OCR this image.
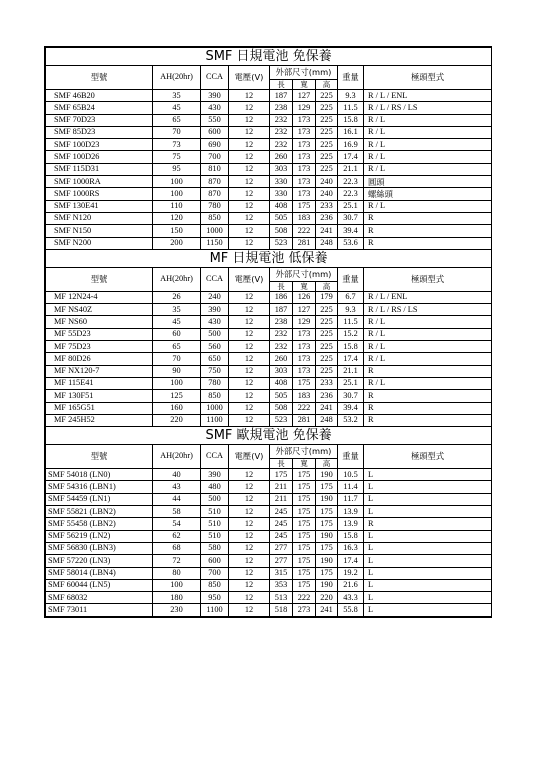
SMF 日規電池 免保養								
型號	AH(20hr)	CCA	電壓(V)	外部尺寸(mm)			重量	極頭型式
				長	寬	高		
SMF 46B20	35	390	12	187	127	225	9.3	R / L / ENL
SMF 65B24	45	430	12	238	129	225	11.5	R / L / RS / LS
SMF 70D23	65	550	12	232	173	225	15.8	R / L
SMF 85D23	70	600	12	232	173	225	16.1	R / L
SMF 100D23	73	690	12	232	173	225	16.9	R / L
SMF 100D26	75	700	12	260	173	225	17.4	R / L
SMF 115D31	95	810	12	303	173	225	21.1	R / L
SMF 1000RA	100	870	12	330	173	240	22.3	圓頭
SMF 1000RS	100	870	12	330	173	240	22.3	螺絲頭
SMF 130E41	110	780	12	408	175	233	25.1	R / L
SMF N120	120	850	12	505	183	236	30.7	R
SMF N150	150	1000	12	508	222	241	39.4	R
SMF N200	200	1150	12	523	281	248	53.6	R
MF 日規電池 低保養								
型號	AH(20hr)	CCA	電壓(V)	外部尺寸(mm)			重量	極頭型式
				長	寬	高		
MF 12N24-4	26	240	12	186	126	179	6.7	R / L / ENL
MF NS40Z	35	390	12	187	127	225	9.3	R / L / RS / LS
MF NS60	45	430	12	238	129	225	11.5	R / L
MF 55D23	60	500	12	232	173	225	15.2	R / L
MF 75D23	65	560	12	232	173	225	15.8	R / L
MF 80D26	70	650	12	260	173	225	17.4	R / L
MF NX120-7	90	750	12	303	173	225	21.1	R
MF 115E41	100	780	12	408	175	233	25.1	R / L
MF 130F51	125	850	12	505	183	236	30.7	R
MF 165G51	160	1000	12	508	222	241	39.4	R
MF 245H52	220	1100	12	523	281	248	53.2	R
SMF 歐規電池 免保養								
型號	AH(20hr)	CCA	電壓(V)	外部尺寸(mm)			重量	極頭型式
				長	寬	高		
SMF 54018 (LN0)	40	390	12	175	175	190	10.5	L
SMF 54316 (LBN1)	43	480	12	211	175	175	11.4	L
SMF 54459 (LN1)	44	500	12	211	175	190	11.7	L
SMF 55821 (LBN2)	58	510	12	245	175	175	13.9	L
SMF 55458 (LBN2)	54	510	12	245	175	175	13.9	R
SMF 56219 (LN2)	62	510	12	245	175	190	15.8	L
SMF 56830 (LBN3)	68	580	12	277	175	175	16.3	L
SMF 57220 (LN3)	72	600	12	277	175	190	17.4	L
SMF 58014 (LBN4)	80	700	12	315	175	175	19.2	L
SMF 60044 (LN5)	100	850	12	353	175	190	21.6	L
SMF 68032	180	950	12	513	222	220	43.3	L
SMF 73011	230	1100	12	518	273	241	55.8	L
